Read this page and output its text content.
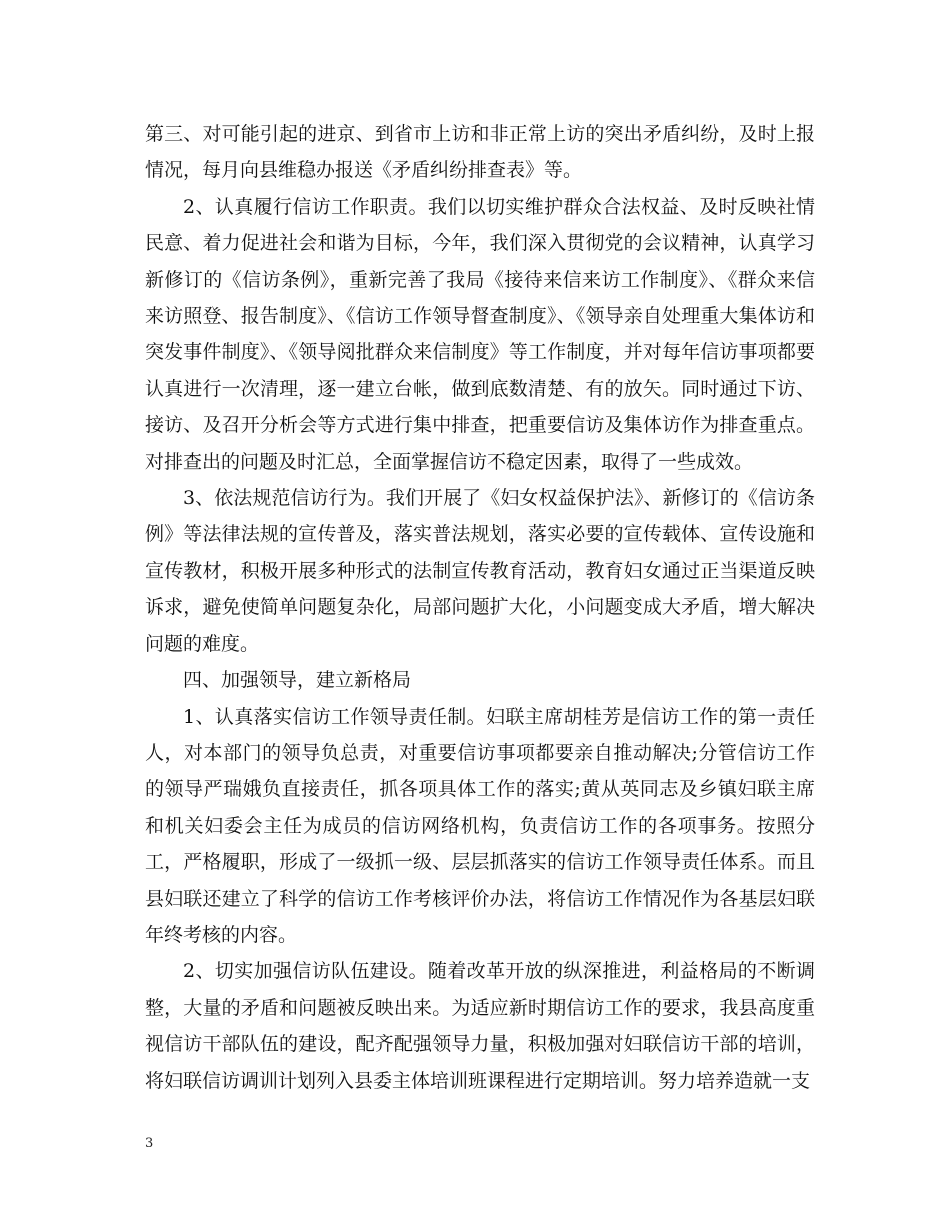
第三、对可能引起的进京、到省市上访和非正常上访的突出矛盾纠纷，及时上报情况，每月向县维稳办报送《矛盾纠纷排查表》等。

2、认真履行信访工作职责。我们以切实维护群众合法权益、及时反映社情民意、着力促进社会和谐为目标，今年，我们深入贯彻党的会议精神，认真学习新修订的《信访条例》，重新完善了我局《接待来信来访工作制度》、《群众来信来访照登、报告制度》、《信访工作领导督查制度》、《领导亲自处理重大集体访和突发事件制度》、《领导阅批群众来信制度》等工作制度，并对每年信访事项都要认真进行一次清理，逐一建立台帐，做到底数清楚、有的放矢。同时通过下访、接访、及召开分析会等方式进行集中排查，把重要信访及集体访作为排查重点。对排查出的问题及时汇总，全面掌握信访不稳定因素，取得了一些成效。

3、依法规范信访行为。我们开展了《妇女权益保护法》、新修订的《信访条例》等法律法规的宣传普及，落实普法规划，落实必要的宣传载体、宣传设施和宣传教材，积极开展多种形式的法制宣传教育活动，教育妇女通过正当渠道反映诉求，避免使简单问题复杂化，局部问题扩大化，小问题变成大矛盾，增大解决问题的难度。

四、加强领导，建立新格局

1、认真落实信访工作领导责任制。妇联主席胡桂芳是信访工作的第一责任人，对本部门的领导负总责，对重要信访事项都要亲自推动解决;分管信访工作的领导严瑞娥负直接责任，抓各项具体工作的落实;黄从英同志及乡镇妇联主席和机关妇委会主任为成员的信访网络机构，负责信访工作的各项事务。按照分工，严格履职，形成了一级抓一级、层层抓落实的信访工作领导责任体系。而且县妇联还建立了科学的信访工作考核评价办法，将信访工作情况作为各基层妇联年终考核的内容。

2、切实加强信访队伍建设。随着改革开放的纵深推进，利益格局的不断调整，大量的矛盾和问题被反映出来。为适应新时期信访工作的要求，我县高度重视信访干部队伍的建设，配齐配强领导力量，积极加强对妇联信访干部的培训，将妇联信访调训计划列入县委主体培训班课程进行定期培训。努力培养造就一支

3
